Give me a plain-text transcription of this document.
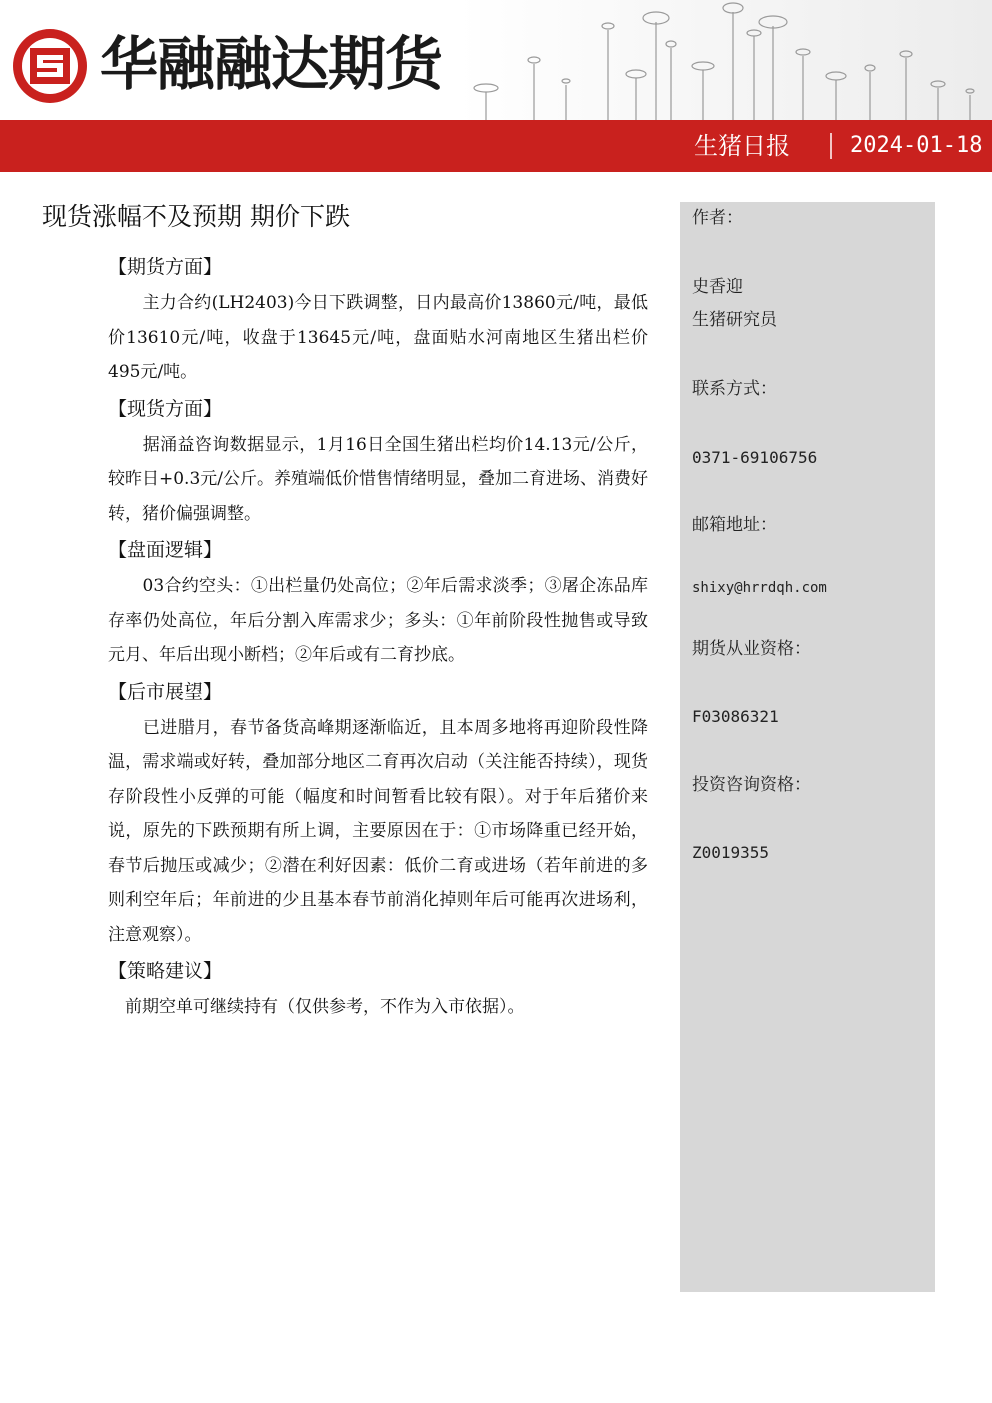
华融融达期货
生猪日报	2024-01-18
现货涨幅不及预期 期价下跌
【期货方面】

　　主力合约(LH2403)今日下跌调整，日内最高价13860元/吨，最低价13610元/吨，收盘于13645元/吨，盘面贴水河南地区生猪出栏价495元/吨。

【现货方面】

　　据涌益咨询数据显示，1月16日全国生猪出栏均价14.13元/公斤，较昨日+0.3元/公斤。养殖端低价惜售情绪明显，叠加二育进场、消费好转，猪价偏强调整。

【盘面逻辑】

　　03合约空头：①出栏量仍处高位；②年后需求淡季；③屠企冻品库存率仍处高位，年后分割入库需求少；多头：①年前阶段性抛售或导致元月、年后出现小断档；②年后或有二育抄底。

【后市展望】

　　已进腊月，春节备货高峰期逐渐临近，且本周多地将再迎阶段性降温，需求端或好转，叠加部分地区二育再次启动（关注能否持续），现货存阶段性小反弹的可能（幅度和时间暂看比较有限）。对于年后猪价来说，原先的下跌预期有所上调，主要原因在于：①市场降重已经开始，春节后抛压或减少；②潜在利好因素：低价二育或进场（若年前进的多则利空年后；年前进的少且基本春节前消化掉则年后可能再次进场利，注意观察）。

【策略建议】

　前期空单可继续持有（仅供参考，不作为入市依据）。

作者：
史香迎
生猪研究员
联系方式：
0371-69106756
邮箱地址：
shixy@hrrdqh.com
期货从业资格：
F03086321
投资咨询资格：
Z0019355
